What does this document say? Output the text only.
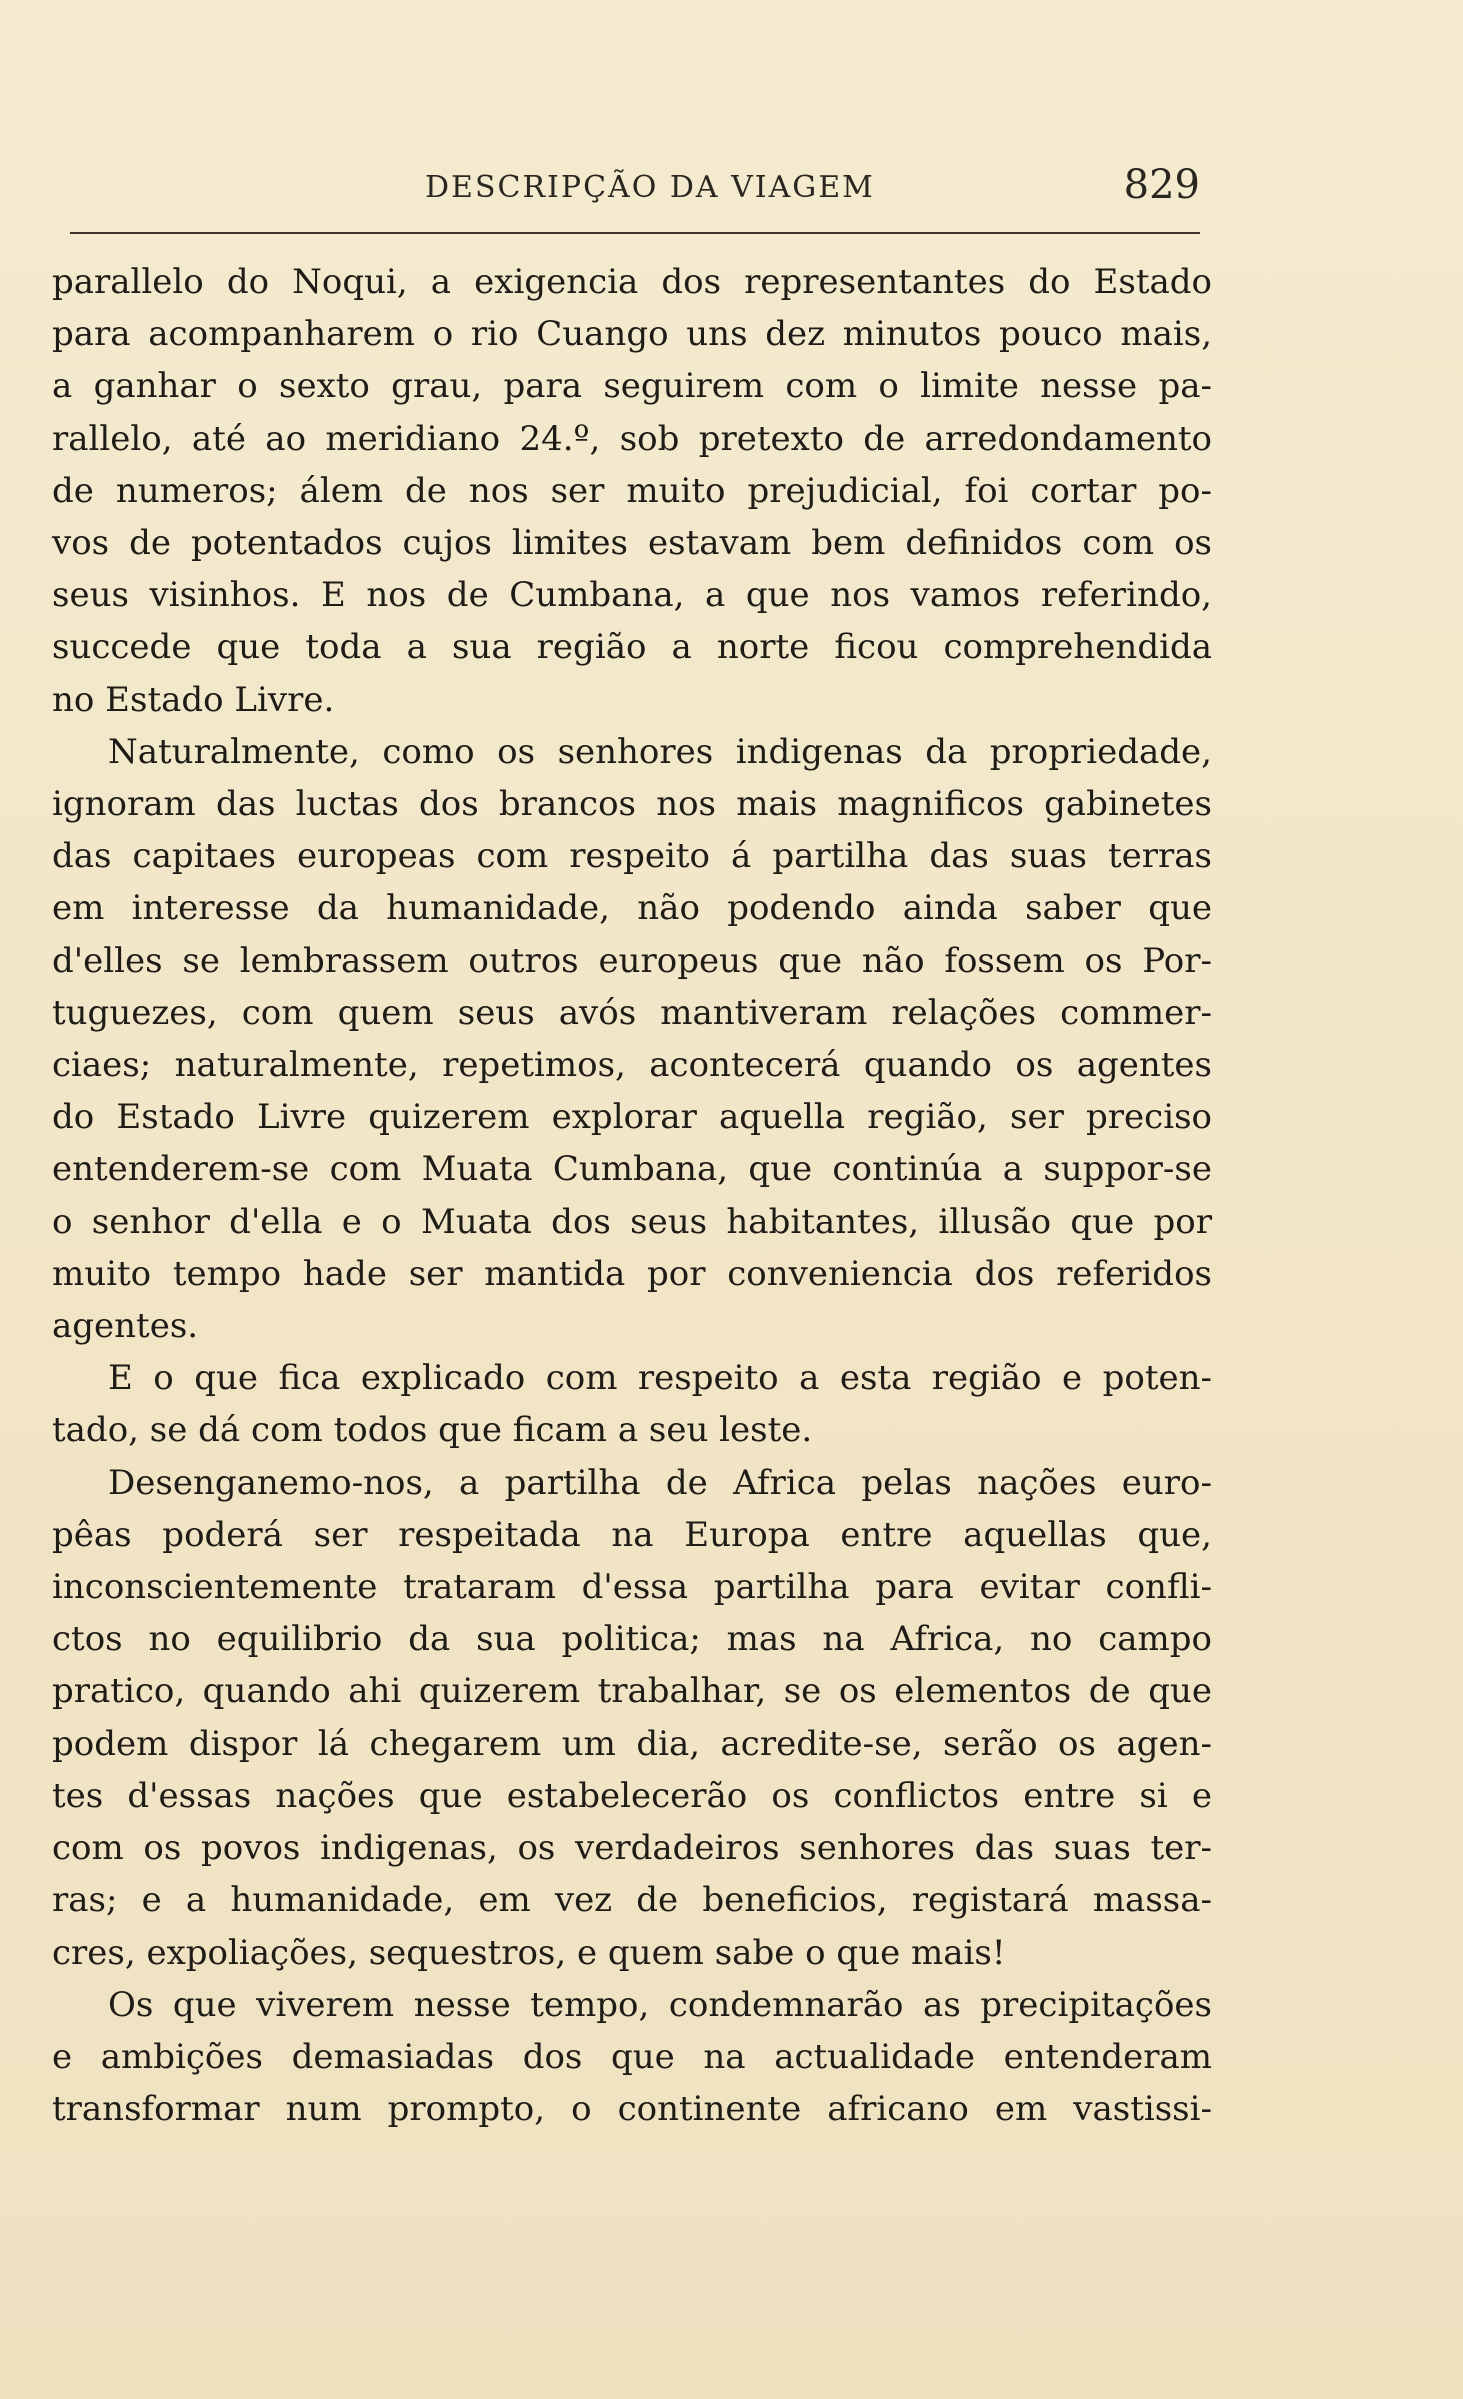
DESCRIPÇÃO DA VIAGEM	829
parallelo do Noqui, a exigencia dos representantes do Estado
para acompanharem o rio Cuango uns dez minutos pouco mais,
a ganhar o sexto grau, para seguirem com o limite nesse pa-
rallelo, até ao meridiano 24.º, sob pretexto de arredondamento
de numeros; álem de nos ser muito prejudicial, foi cortar po-
vos de potentados cujos limites estavam bem definidos com os
seus visinhos. E nos de Cumbana, a que nos vamos referindo,
succede que toda a sua região a norte ficou comprehendida
no Estado Livre.
Naturalmente, como os senhores indigenas da propriedade,
ignoram das luctas dos brancos nos mais magnificos gabinetes
das capitaes europeas com respeito á partilha das suas terras
em interesse da humanidade, não podendo ainda saber que
d'elles se lembrassem outros europeus que não fossem os Por-
tuguezes, com quem seus avós mantiveram relações commer-
ciaes; naturalmente, repetimos, acontecerá quando os agentes
do Estado Livre quizerem explorar aquella região, ser preciso
entenderem-se com Muata Cumbana, que continúa a suppor-se
o senhor d'ella e o Muata dos seus habitantes, illusão que por
muito tempo hade ser mantida por conveniencia dos referidos
agentes.
E o que fica explicado com respeito a esta região e poten-
tado, se dá com todos que ficam a seu leste.
Desenganemo-nos, a partilha de Africa pelas nações euro-
pêas poderá ser respeitada na Europa entre aquellas que,
inconscientemente trataram d'essa partilha para evitar confli-
ctos no equilibrio da sua politica; mas na Africa, no campo
pratico, quando ahi quizerem trabalhar, se os elementos de que
podem dispor lá chegarem um dia, acredite-se, serão os agen-
tes d'essas nações que estabelecerão os conflictos entre si e
com os povos indigenas, os verdadeiros senhores das suas ter-
ras; e a humanidade, em vez de beneficios, registará massa-
cres, expoliações, sequestros, e quem sabe o que mais!
Os que viverem nesse tempo, condemnarão as precipitações
e ambições demasiadas dos que na actualidade entenderam
transformar num prompto, o continente africano em vastissi-
